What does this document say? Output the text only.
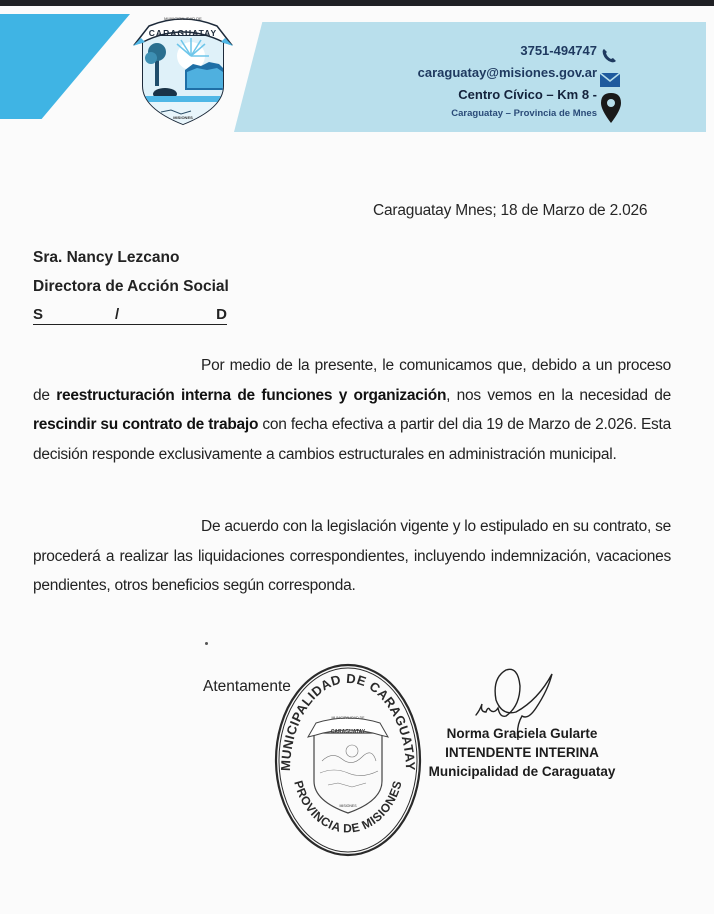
CARAGUATAY
MUNICIPALIDAD DE
MISIONES
3751-494747
caraguatay@misiones.gov.ar
Centro Cívico – Km 8 -
Caraguatay – Provincia de Mnes
Caraguatay Mnes; 18 de Marzo de 2.026
Sra. Nancy Lezcano
Directora de Acción Social
S	/	D
Por medio de la presente, le comunicamos que, debido a un proceso de reestructuración interna de funciones y organización, nos vemos en la necesidad de rescindir su contrato de trabajo con fecha efectiva a partir del dia 19 de Marzo de 2.026. Esta decisión responde exclusivamente a cambios estructurales en administración municipal.
De acuerdo con la legislación vigente y lo estipulado en su contrato, se procederá a realizar las liquidaciones correspondientes, incluyendo indemnización, vacaciones pendientes, otros beneficios según corresponda.
Atentamente
MUNICIPALIDAD DE CARAGUATAY
PROVINCIA DE MISIONES
CARAGUATAY
MUNICIPALIDAD DE
MISIONES
Norma Graciela Gularte
INTENDENTE INTERINA
Municipalidad de Caraguatay
